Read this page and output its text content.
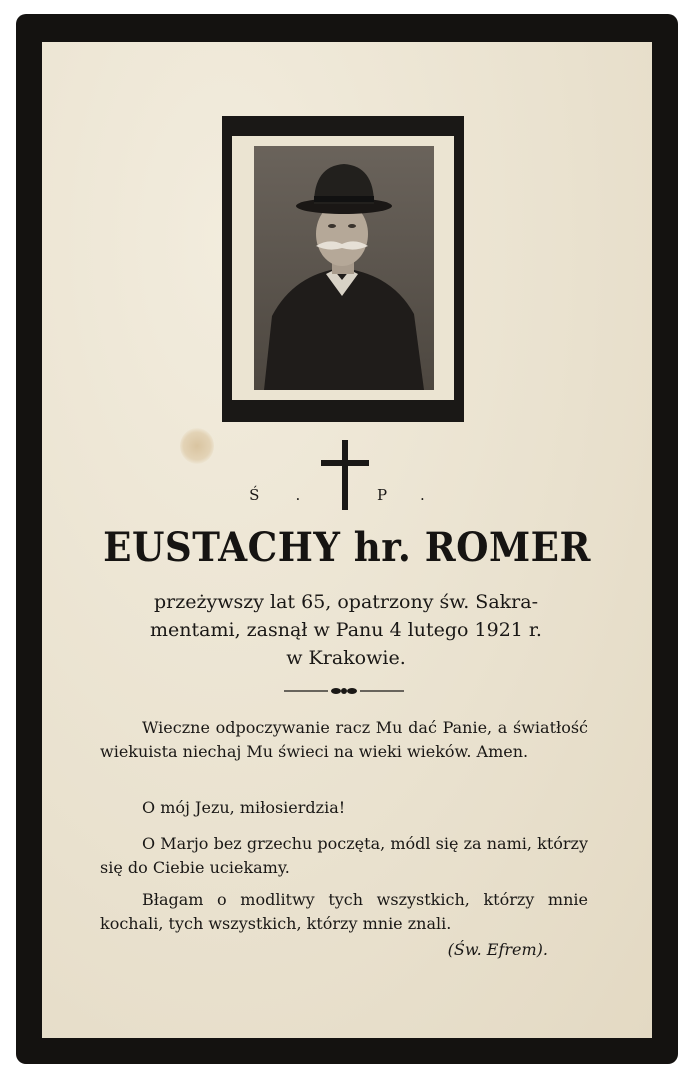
Ś. P.
EUSTACHY hr. ROMER
przeżywszy lat 65, opatrzony św. Sakra-
mentami, zasnął w Panu 4 lutego 1921 r.
w Krakowie.
Wieczne odpoczywanie racz Mu dać Panie, a światłość wiekuista niechaj Mu świeci na wieki wieków. Amen.
O mój Jezu, miłosierdzia!
O Marjo bez grzechu poczęta, módl się za nami, którzy się do Ciebie uciekamy.
Błagam o modlitwy tych wszystkich, którzy mnie kochali, tych wszystkich, którzy mnie znali.
(Św. Efrem).
